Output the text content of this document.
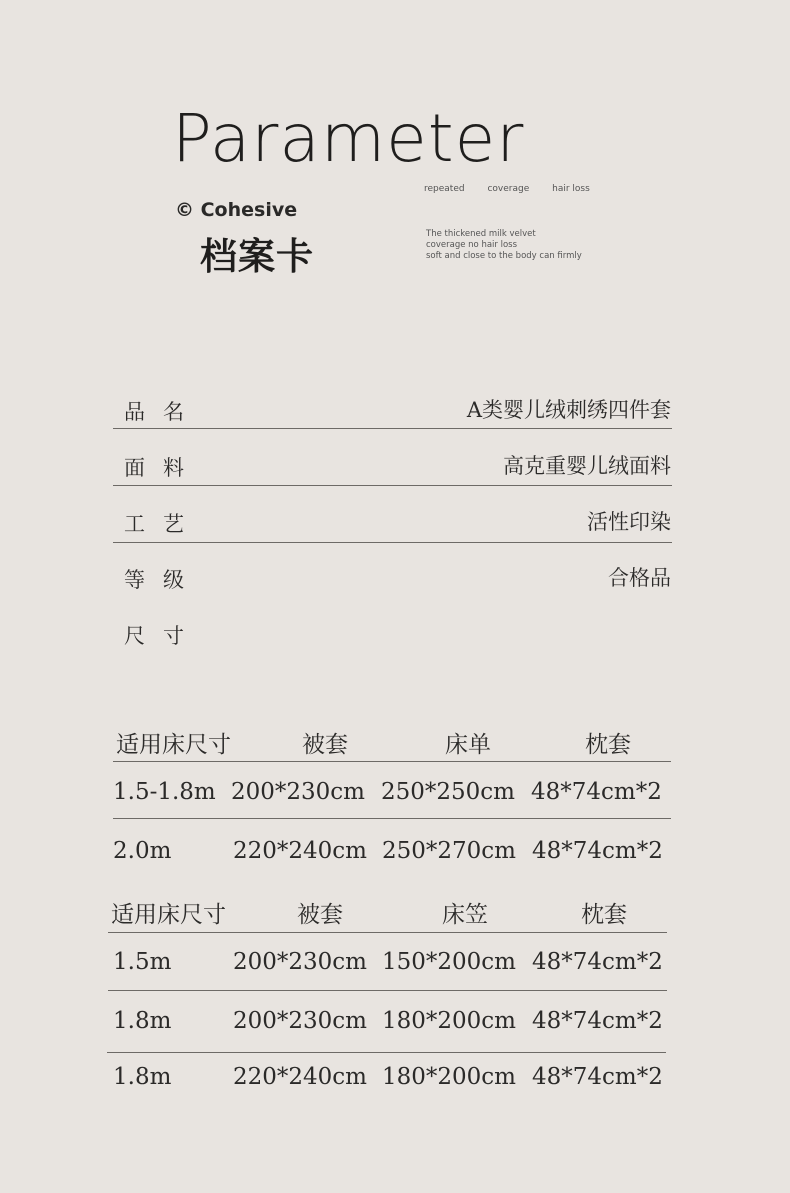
Parameter
repeated	coverage	hair loss
© Cohesive
档案卡
The thickened milk velvet
coverage no hair loss
soft and close to the body can firmly
品名	A类婴儿绒刺绣四件套
面料	高克重婴儿绒面料
工艺	活性印染
等级	合格品
尺寸
适用床尺寸	被套	床单	枕套
1.5-1.8m 200*230cm 250*250cm 48*74cm*2
2.0m	220*240cm 250*270cm 48*74cm*2
适用床尺寸	被套	床笠	枕套
1.5m	200*230cm 150*200cm 48*74cm*2
1.8m	200*230cm 180*200cm 48*74cm*2
1.8m	220*240cm 180*200cm 48*74cm*2
